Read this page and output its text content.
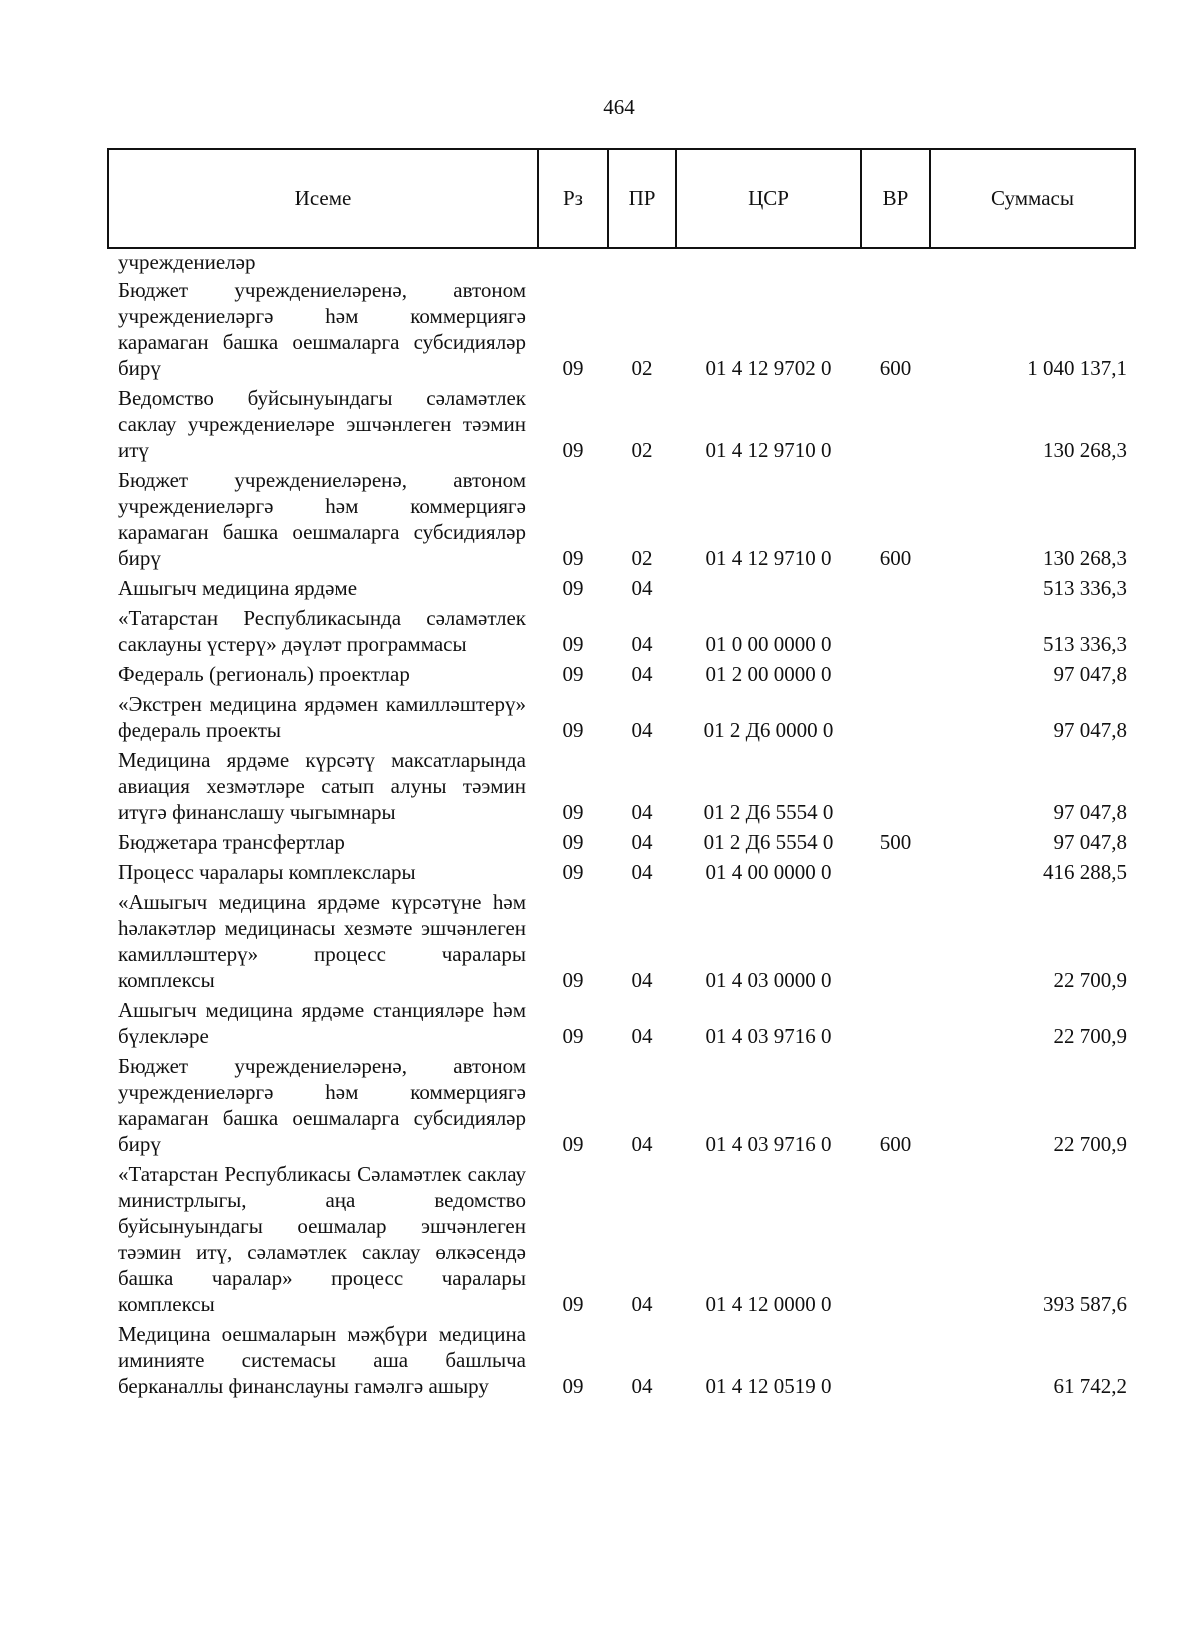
464
Исеме	Рз	ПР	ЦСР	ВР	Суммасы
учреждениеләр					
Бюджет учреждениеләренә, автоном учреждениеләргә һәм коммерциягә карамаган башка оешмаларга субсидияләр бирү	09	02	01 4 12 9702 0	600	1 040 137,1
Ведомство буйсынуындагы сәламәтлек саклау учреждениеләре эшчәнлеген тәэмин итү	09	02	01 4 12 9710 0		130 268,3
Бюджет учреждениеләренә, автоном учреждениеләргә һәм коммерциягә карамаган башка оешмаларга субсидияләр бирү	09	02	01 4 12 9710 0	600	130 268,3
Ашыгыч медицина ярдәме	09	04			513 336,3
«Татарстан Республикасында сәламәтлек саклауны үстерү» дәүләт программасы	09	04	01 0 00 0000 0		513 336,3
Федераль (региональ) проектлар	09	04	01 2 00 0000 0		97 047,8
«Экстрен медицина ярдәмен камилләштерү» федераль проекты	09	04	01 2 Д6 0000 0		97 047,8
Медицина ярдәме күрсәтү максатларында авиация хезмәтләре сатып алуны тәэмин итүгә финанслашу чыгымнары	09	04	01 2 Д6 5554 0		97 047,8
Бюджетара трансфертлар	09	04	01 2 Д6 5554 0	500	97 047,8
Процесс чаралары комплекслары	09	04	01 4 00 0000 0		416 288,5
«Ашыгыч медицина ярдәме күрсәтүне һәм һәлакәтләр медицинасы хезмәте эшчәнлеген камилләштерү» процесс чаралары комплексы	09	04	01 4 03 0000 0		22 700,9
Ашыгыч медицина ярдәме станцияләре һәм бүлекләре	09	04	01 4 03 9716 0		22 700,9
Бюджет учреждениеләренә, автоном учреждениеләргә һәм коммерциягә карамаган башка оешмаларга субсидияләр бирү	09	04	01 4 03 9716 0	600	22 700,9
«Татарстан Республикасы Сәламәтлек саклау министрлыгы, аңа ведомство буйсынуындагы оешмалар эшчәнлеген тәэмин итү, сәламәтлек саклау өлкәсендә башка чаралар» процесс чаралары комплексы	09	04	01 4 12 0000 0		393 587,6
Медицина оешмаларын мәҗбүри медицина иминияте системасы аша башлыча берканаллы финанслауны гамәлгә ашыру	09	04	01 4 12 0519 0		61 742,2
